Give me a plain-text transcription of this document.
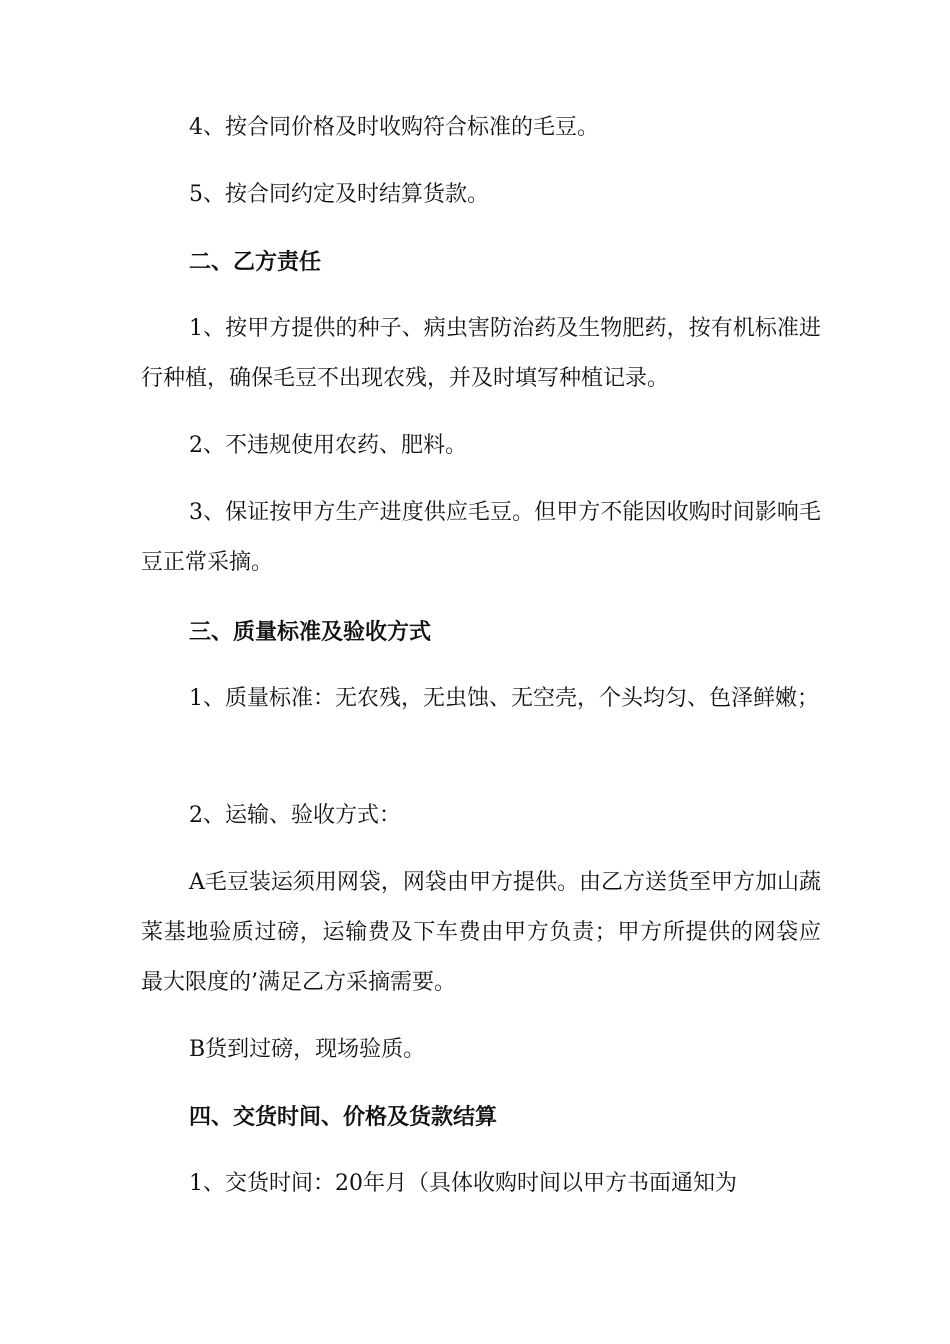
4、按合同价格及时收购符合标准的毛豆。

5、按合同约定及时结算货款。

二、乙方责任

1、按甲方提供的种子、病虫害防治药及生物肥药，按有机标准进行种植，确保毛豆不出现农残，并及时填写种植记录。

2、不违规使用农药、肥料。

3、保证按甲方生产进度供应毛豆。但甲方不能因收购时间影响毛豆正常采摘。

三、质量标准及验收方式

1、质量标准：无农残，无虫蚀、无空壳，个头均匀、色泽鲜嫩；

2、运输、验收方式：

A毛豆装运须用网袋，网袋由甲方提供。由乙方送货至甲方加山蔬菜基地验质过磅，运输费及下车费由甲方负责；甲方所提供的网袋应最大限度的’满足乙方采摘需要。

B货到过磅，现场验质。

四、交货时间、价格及货款结算

1、交货时间：20年月（具体收购时间以甲方书面通知为
